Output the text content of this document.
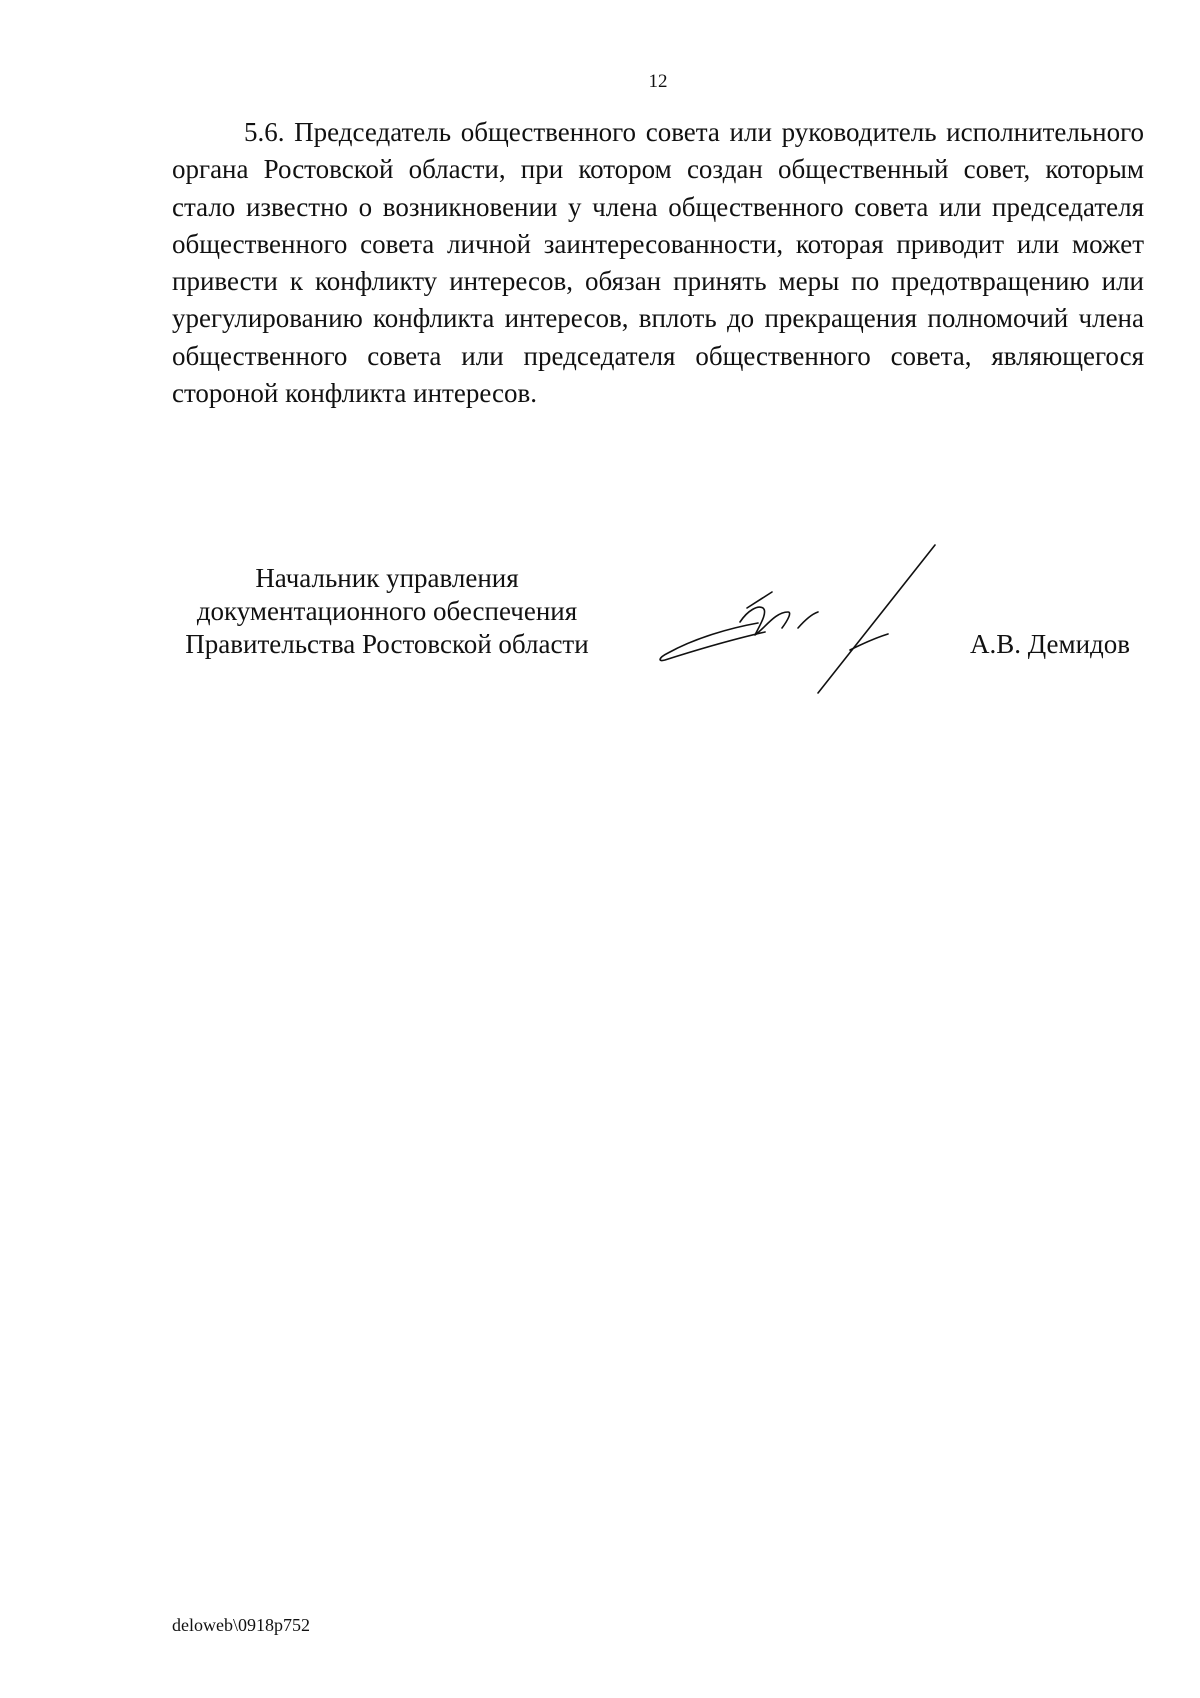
12

5.6. Председатель общественного совета или руководитель исполнительного органа Ростовской области, при котором создан общественный совет, которым стало известно о возникновении у члена общественного совета или председателя общественного совета личной заинтересованности, которая приводит или может привести к конфликту интересов, обязан принять меры по предотвращению или урегулированию конфликта интересов, вплоть до прекращения полномочий члена общественного совета или председателя общественного совета, являющегося стороной конфликта интересов.

Начальник управления
документационного обеспечения
Правительства Ростовской области	А.В. Демидов
deloweb\0918p752
